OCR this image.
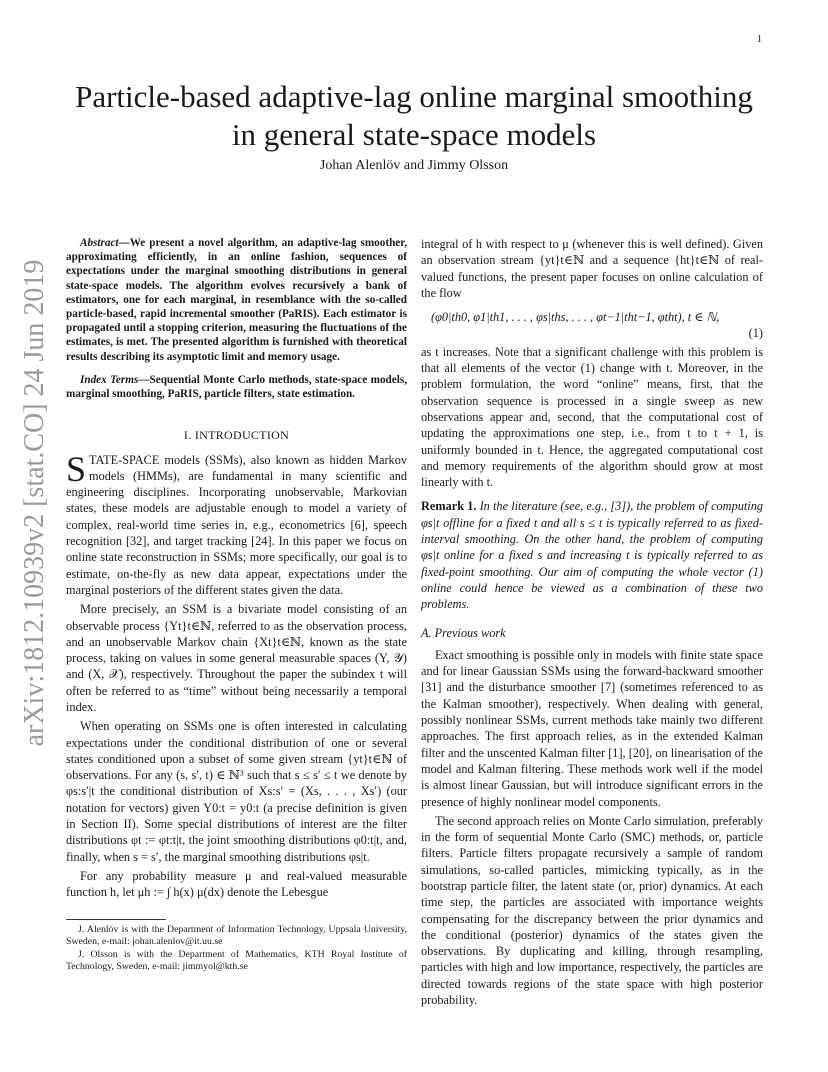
1
arXiv:1812.10939v2 [stat.CO] 24 Jun 2019
Particle-based adaptive-lag online marginal smoothing in general state-space models
Johan Alenlöv and Jimmy Olsson

Abstract—We present a novel algorithm, an adaptive-lag smoother, approximating efficiently, in an online fashion, sequences of expectations under the marginal smoothing distributions in general state-space models. The algorithm evolves recursively a bank of estimators, one for each marginal, in resemblance with the so-called particle-based, rapid incremental smoother (PaRIS). Each estimator is propagated until a stopping criterion, measuring the fluctuations of the estimates, is met. The presented algorithm is furnished with theoretical results describing its asymptotic limit and memory usage.

Index Terms—Sequential Monte Carlo methods, state-space models, marginal smoothing, PaRIS, particle filters, state estimation.

I. INTRODUCTION

STATE-SPACE models (SSMs), also known as hidden Markov models (HMMs), are fundamental in many scientific and engineering disciplines. Incorporating unobservable, Markovian states, these models are adjustable enough to model a variety of complex, real-world time series in, e.g., econometrics [6], speech recognition [32], and target tracking [24]. In this paper we focus on online state reconstruction in SSMs; more specifically, our goal is to estimate, on-the-fly as new data appear, expectations under the marginal posteriors of the different states given the data.

More precisely, an SSM is a bivariate model consisting of an observable process {Yt}t∈ℕ, referred to as the observation process, and an unobservable Markov chain {Xt}t∈ℕ, known as the state process, taking on values in some general measurable spaces (Y, 𝒴) and (X, 𝒳), respectively. Throughout the paper the subindex t will often be referred to as “time” without being necessarily a temporal index.

When operating on SSMs one is often interested in calculating expectations under the conditional distribution of one or several states conditioned upon a subset of some given stream {yt}t∈ℕ of observations. For any (s, s′, t) ∈ ℕ³ such that s ≤ s′ ≤ t we denote by φs:s′|t the conditional distribution of Xs:s′ = (Xs, . . . , Xs′) (our notation for vectors) given Y0:t = y0:t (a precise definition is given in Section II). Some special distributions of interest are the filter distributions φt := φt:t|t, the joint smoothing distributions φ0:t|t, and, finally, when s = s′, the marginal smoothing distributions φs|t.

For any probability measure μ and real-valued measurable function h, let μh := ∫ h(x) μ(dx) denote the Lebesgue

J. Alenlöv is with the Department of Information Technology, Uppsala University, Sweden, e-mail: johan.alenlov@it.uu.se

J. Olsson is with the Department of Mathematics, KTH Royal Institute of Technology, Sweden, e-mail: jimmyol@kth.se

integral of h with respect to μ (whenever this is well defined). Given an observation stream {yt}t∈ℕ and a sequence {ht}t∈ℕ of real-valued functions, the present paper focuses on online calculation of the flow

(φ0|th0, φ1|th1, . . . , φs|ths, . . . , φt−1|tht−1, φtht), t ∈ ℕ,
(1)

as t increases. Note that a significant challenge with this problem is that all elements of the vector (1) change with t. Moreover, in the problem formulation, the word “online” means, first, that the observation sequence is processed in a single sweep as new observations appear and, second, that the computational cost of updating the approximations one step, i.e., from t to t + 1, is uniformly bounded in t. Hence, the aggregated computational cost and memory requirements of the algorithm should grow at most linearly with t.

Remark 1. In the literature (see, e.g., [3]), the problem of computing φs|t offline for a fixed t and all s ≤ t is typically referred to as fixed-interval smoothing. On the other hand, the problem of computing φs|t online for a fixed s and increasing t is typically referred to as fixed-point smoothing. Our aim of computing the whole vector (1) online could hence be viewed as a combination of these two problems.

A. Previous work

Exact smoothing is possible only in models with finite state space and for linear Gaussian SSMs using the forward-backward smoother [31] and the disturbance smoother [7] (sometimes referenced to as the Kalman smoother), respectively. When dealing with general, possibly nonlinear SSMs, current methods take mainly two different approaches. The first approach relies, as in the extended Kalman filter and the unscented Kalman filter [1], [20], on linearisation of the model and Kalman filtering. These methods work well if the model is almost linear Gaussian, but will introduce significant errors in the presence of highly nonlinear model components.

The second approach relies on Monte Carlo simulation, preferably in the form of sequential Monte Carlo (SMC) methods, or, particle filters. Particle filters propagate recursively a sample of random simulations, so-called particles, mimicking typically, as in the bootstrap particle filter, the latent state (or, prior) dynamics. At each time step, the particles are associated with importance weights compensating for the discrepancy between the prior dynamics and the conditional (posterior) dynamics of the states given the observations. By duplicating and killing, through resampling, particles with high and low importance, respectively, the particles are directed towards regions of the state space with high posterior probability.
